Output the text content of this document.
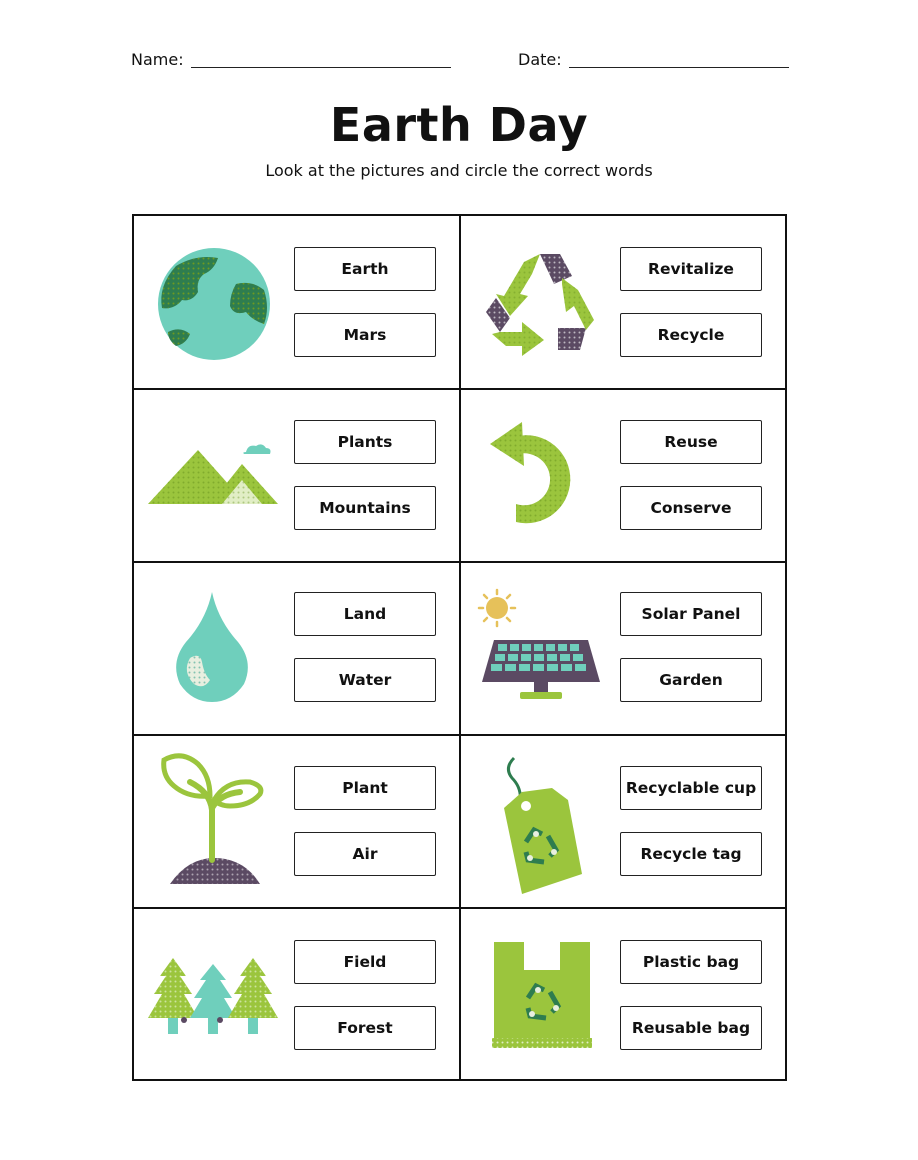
Name:	Date:
Earth Day
Look at the pictures and circle the correct words
Earth
Mars
Revitalize
Recycle
Plants
Mountains
Reuse
Conserve
Land
Water
Solar Panel
Garden
Plant
Air
Recyclable cup
Recycle tag
Field
Forest
Plastic bag
Reusable bag
